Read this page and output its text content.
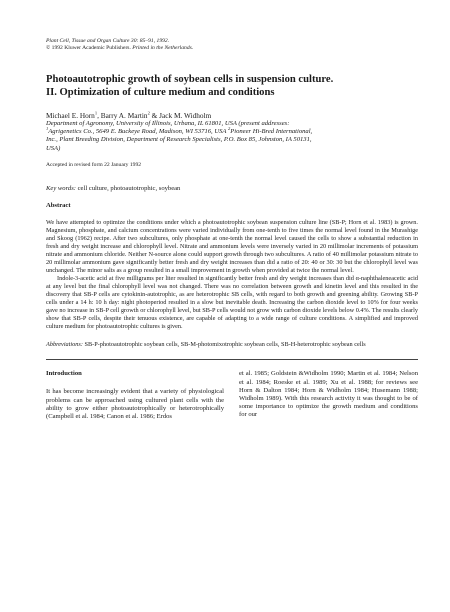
Plant Cell, Tissue and Organ Culture 30: 85–91, 1992.
© 1992 Kluwer Academic Publishers. Printed in the Netherlands.
Photoautotrophic growth of soybean cells in suspension culture.
II. Optimization of culture medium and conditions
Michael E. Horn$^1$, Barry A. Martin$^2$ & Jack M. Widholm
Department of Agronomy, University of Illinois, Urbana, IL 61801, USA (present addresses:
$^1$Agrigenetics Co., 5649 E. Buckeye Road, Madison, WI 53716, USA $^2$Pioneer Hi-Bred International,
Inc., Plant Breeding Division, Department of Research Specialists, P.O. Box 85, Johnston, IA 50131,
USA)
Accepted in revised form 22 January 1992
Key words: cell culture, photoautotrophic, soybean
Abstract

We have attempted to optimize the conditions under which a photoautotrophic soybean suspension culture line (SB-P; Horn et al. 1983) is grown. Magnesium, phosphate, and calcium concentrations were varied individually from one-tenth to five times the normal level found in the Murashige and Skoog (1962) recipe. After two subcultures, only phosphate at one-tenth the normal level caused the cells to show a substantial reduction in fresh and dry weight increase and chlorophyll level. Nitrate and ammonium levels were inversely varied in 20 millimolar increments of potassium nitrate and ammonium chloride. Neither N-source alone could support growth through two subcultures. A ratio of 40 millimolar potassium nitrate to 20 millimolar ammonium gave significantly better fresh and dry weight increases than did a ratio of 20: 40 or 30: 30 but the chlorophyll level was unchanged. The minor salts as a group resulted in a small improvement in growth when provided at twice the normal level.

Indole-3-acetic acid at five milligrams per liter resulted in significantly better fresh and dry weight increases than did α-naphthaleneacetic acid at any level but the final chlorophyll level was not changed. There was no correlation between growth and kinetin level and this resulted in the discovery that SB-P cells are cytokinin-autotrophic, as are heterotrophic SB cells, with regard to both growth and greening ability. Growing SB-P cells under a 14 h: 10 h day: night photoperiod resulted in a slow but inevitable death. Increasing the carbon dioxide level to 10% for four weeks gave no increase in SB-P cell growth or chlorophyll level, but SB-P cells would not grow with carbon dioxide levels below 0.4%. The results clearly show that SB-P cells, despite their tenuous existence, are capable of adapting to a wide range of culture conditions. A simplified and improved culture medium for photoautotrophic cultures is given.

Abbreviations: SB-P-photoautotrophic soybean cells, SB-M-photomixotrophic soybean cells, SB-H-heterotrophic soybean cells
Introduction
It has become increasingly evident that a variety of physiological problems can be approached using cultured plant cells with the ability to grow either photoautotrophically or heterotrophically (Campbell et al. 1984; Canon et al. 1986; Erdos
et al. 1985; Goldstein &Widholm 1990; Martin et al. 1984; Nelson et al. 1984; Roeske et al. 1989; Xu et al. 1988; for reviews see Horn & Dalton 1984; Horn & Widholm 1984; Husemann 1988; Widholm 1989). With this research activity it was thought to be of some importance to optimize the growth medium and conditions for our
